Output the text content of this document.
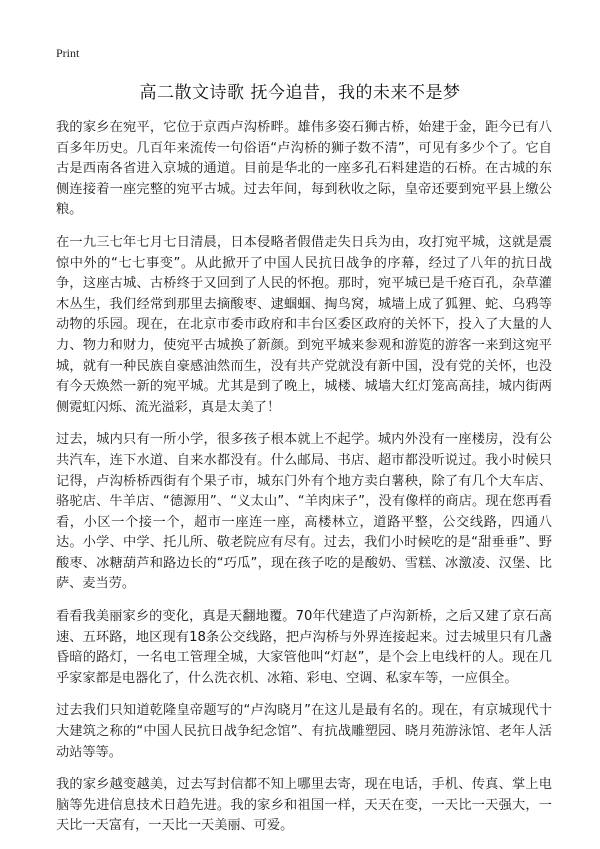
Print
高二散文诗歌 抚今追昔，我的未来不是梦

我的家乡在宛平，它位于京西卢沟桥畔。雄伟多姿石狮古桥，始建于金，距今已有八百多年历史。几百年来流传一句俗语“卢沟桥的狮子数不清”，可见有多少个了。它自古是西南各省进入京城的通道。目前是华北的一座多孔石料建造的石桥。在古城的东侧连接着一座完整的宛平古城。过去年间，每到秋收之际，皇帝还要到宛平县上缴公粮。

在一九三七年七月七日清晨，日本侵略者假借走失日兵为由，攻打宛平城，这就是震惊中外的“七七事变”。从此掀开了中国人民抗日战争的序幕，经过了八年的抗日战争，这座古城、古桥终于又回到了人民的怀抱。那时，宛平城已是千疮百孔，杂草灌木丛生，我们经常到那里去摘酸枣、逮蝈蝈、掏鸟窝，城墙上成了狐狸、蛇、乌鸦等动物的乐园。现在，在北京市委市政府和丰台区委区政府的关怀下，投入了大量的人力、物力和财力，使宛平古城换了新颜。到宛平城来参观和游览的游客一来到这宛平城，就有一种民族自豪感油然而生，没有共产党就没有新中国，没有党的关怀，也没有今天焕然一新的宛平城。尤其是到了晚上，城楼、城墙大红灯笼高高挂，城内街两侧霓虹闪烁、流光溢彩，真是太美了！

过去，城内只有一所小学，很多孩子根本就上不起学。城内外没有一座楼房，没有公共汽车，连下水道、自来水都没有。什么邮局、书店、超市都没听说过。我小时候只记得，卢沟桥桥西街有个果子市，城东门外有个地方卖白薯秧，除了有几个大车店、骆驼店、牛羊店、“德源用”、“义太山”、“羊肉床子”，没有像样的商店。现在您再看看，小区一个接一个，超市一座连一座，高楼林立，道路平整，公交线路，四通八达。小学、中学、托儿所、敬老院应有尽有。过去，我们小时候吃的是“甜垂垂”、野酸枣、冰糖葫芦和路边长的“巧瓜”，现在孩子吃的是酸奶、雪糕、冰激凌、汉堡、比萨、麦当劳。

看看我美丽家乡的变化，真是天翻地覆。70年代建造了卢沟新桥，之后又建了京石高速、五环路，地区现有18条公交线路，把卢沟桥与外界连接起来。过去城里只有几盏昏暗的路灯，一名电工管理全城，大家管他叫“灯赵”，是个会上电线杆的人。现在几乎家家都是电器化了，什么洗衣机、冰箱、彩电、空调、私家车等，一应俱全。

过去我们只知道乾隆皇帝题写的“卢沟晓月”在这儿是最有名的。现在，有京城现代十大建筑之称的“中国人民抗日战争纪念馆”、有抗战雕塑园、晓月苑游泳馆、老年人活动站等等。

我的家乡越变越美，过去写封信都不知上哪里去寄，现在电话，手机、传真、掌上电脑等先进信息技术日趋先进。我的家乡和祖国一样，天天在变，一天比一天强大，一天比一天富有，一天比一天美丽、可爱。
